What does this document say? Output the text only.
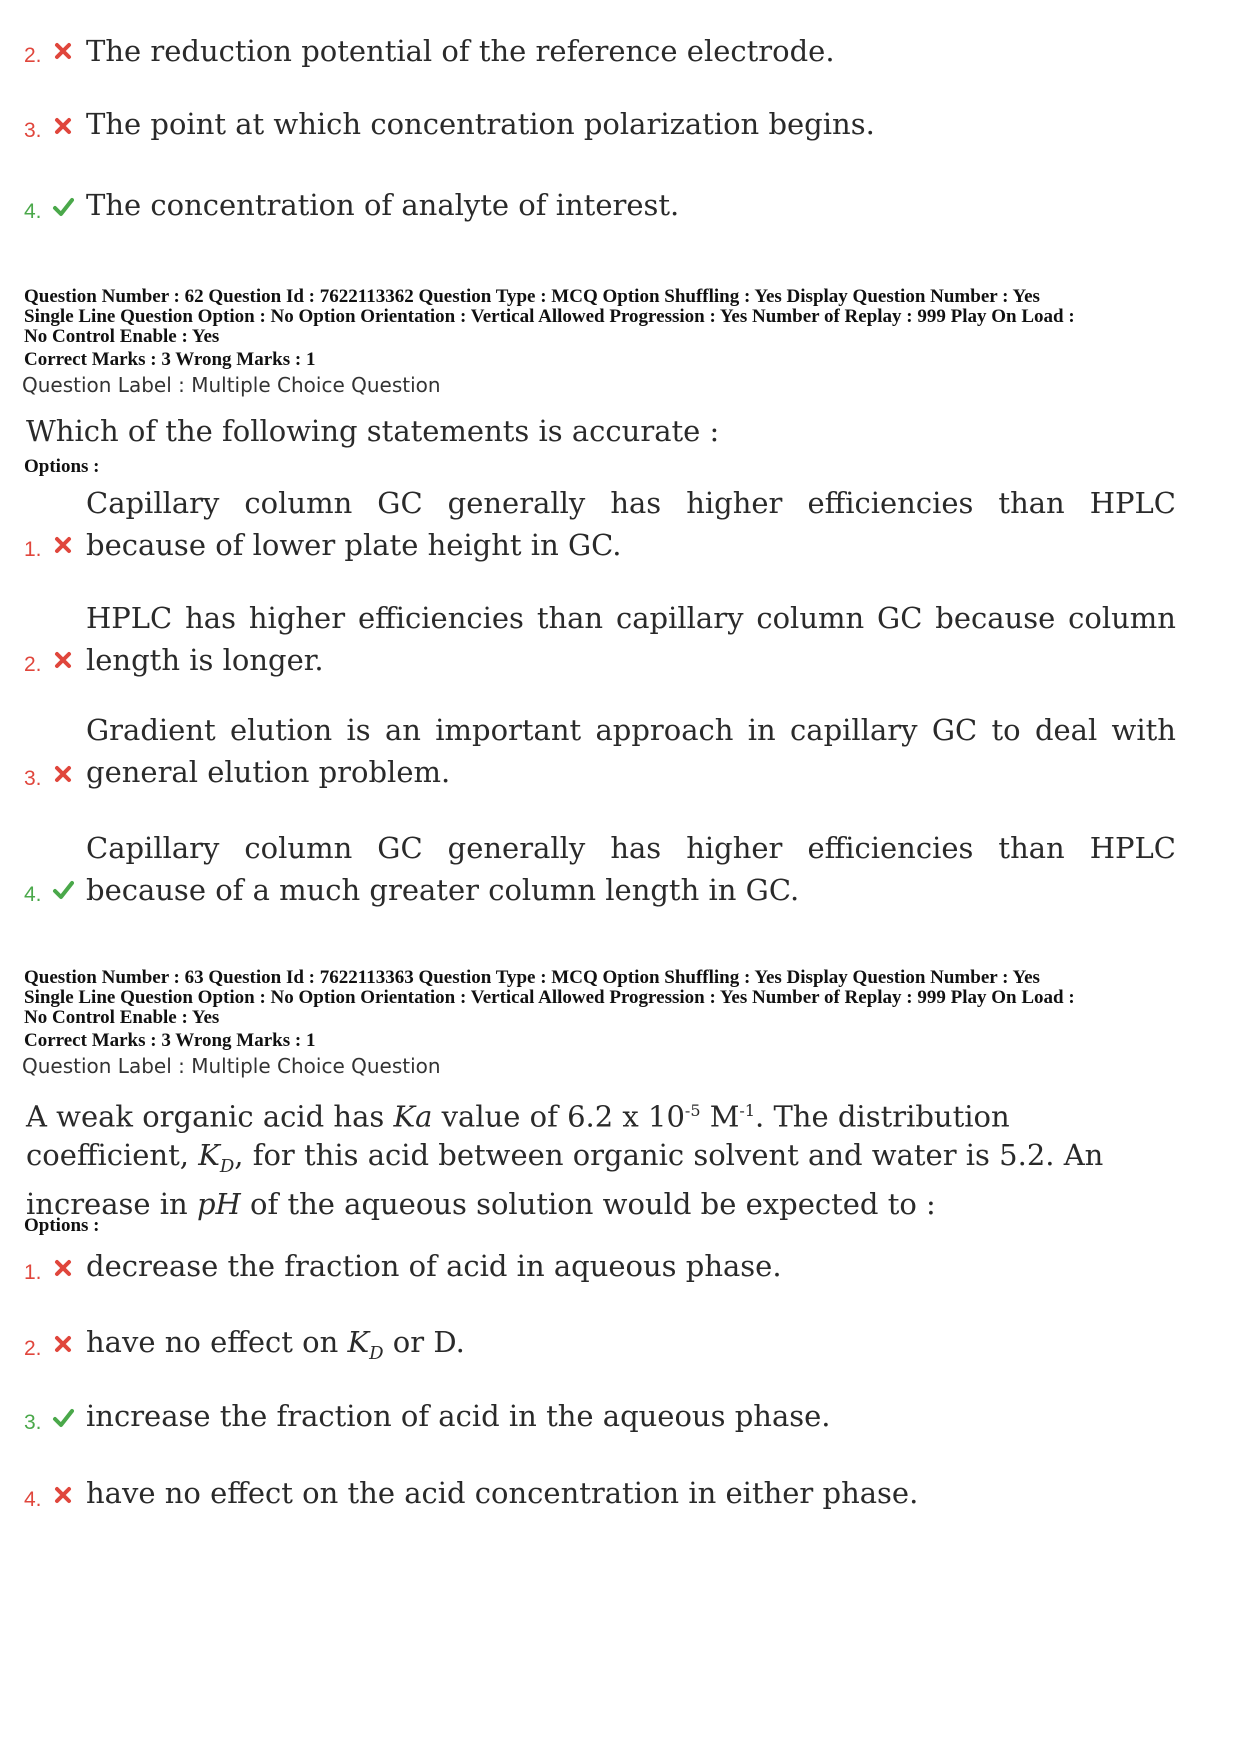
2. The reduction potential of the reference electrode.
3. The point at which concentration polarization begins.
4. The concentration of analyte of interest.
Question Number : 62 Question Id : 7622113362 Question Type : MCQ Option Shuffling : Yes Display Question Number : Yes
Single Line Question Option : No Option Orientation : Vertical Allowed Progression : Yes Number of Replay : 999 Play On Load :
No Control Enable : Yes
Correct Marks : 3 Wrong Marks : 1
Question Label : Multiple Choice Question
Which of the following statements is accurate :
Options :
1.
Capillary column GC generally has higher efficiencies than HPLC because of lower plate height in GC.
2.
HPLC has higher efficiencies than capillary column GC because column length is longer.
3.
Gradient elution is an important approach in capillary GC to deal with general elution problem.
4.
Capillary column GC generally has higher efficiencies than HPLC because of a much greater column length in GC.
Question Number : 63 Question Id : 7622113363 Question Type : MCQ Option Shuffling : Yes Display Question Number : Yes
Single Line Question Option : No Option Orientation : Vertical Allowed Progression : Yes Number of Replay : 999 Play On Load :
No Control Enable : Yes
Correct Marks : 3 Wrong Marks : 1
Question Label : Multiple Choice Question
A weak organic acid has Ka value of 6.2 x $10^{-5}$ $M^{-1}$. The distribution coefficient, $K_D$, for this acid between organic solvent and water is 5.2. An increase in pH of the aqueous solution would be expected to :
Options :
1. decrease the fraction of acid in aqueous phase.
2. have no effect on $K_D$ or D.
3. increase the fraction of acid in the aqueous phase.
4. have no effect on the acid concentration in either phase.
